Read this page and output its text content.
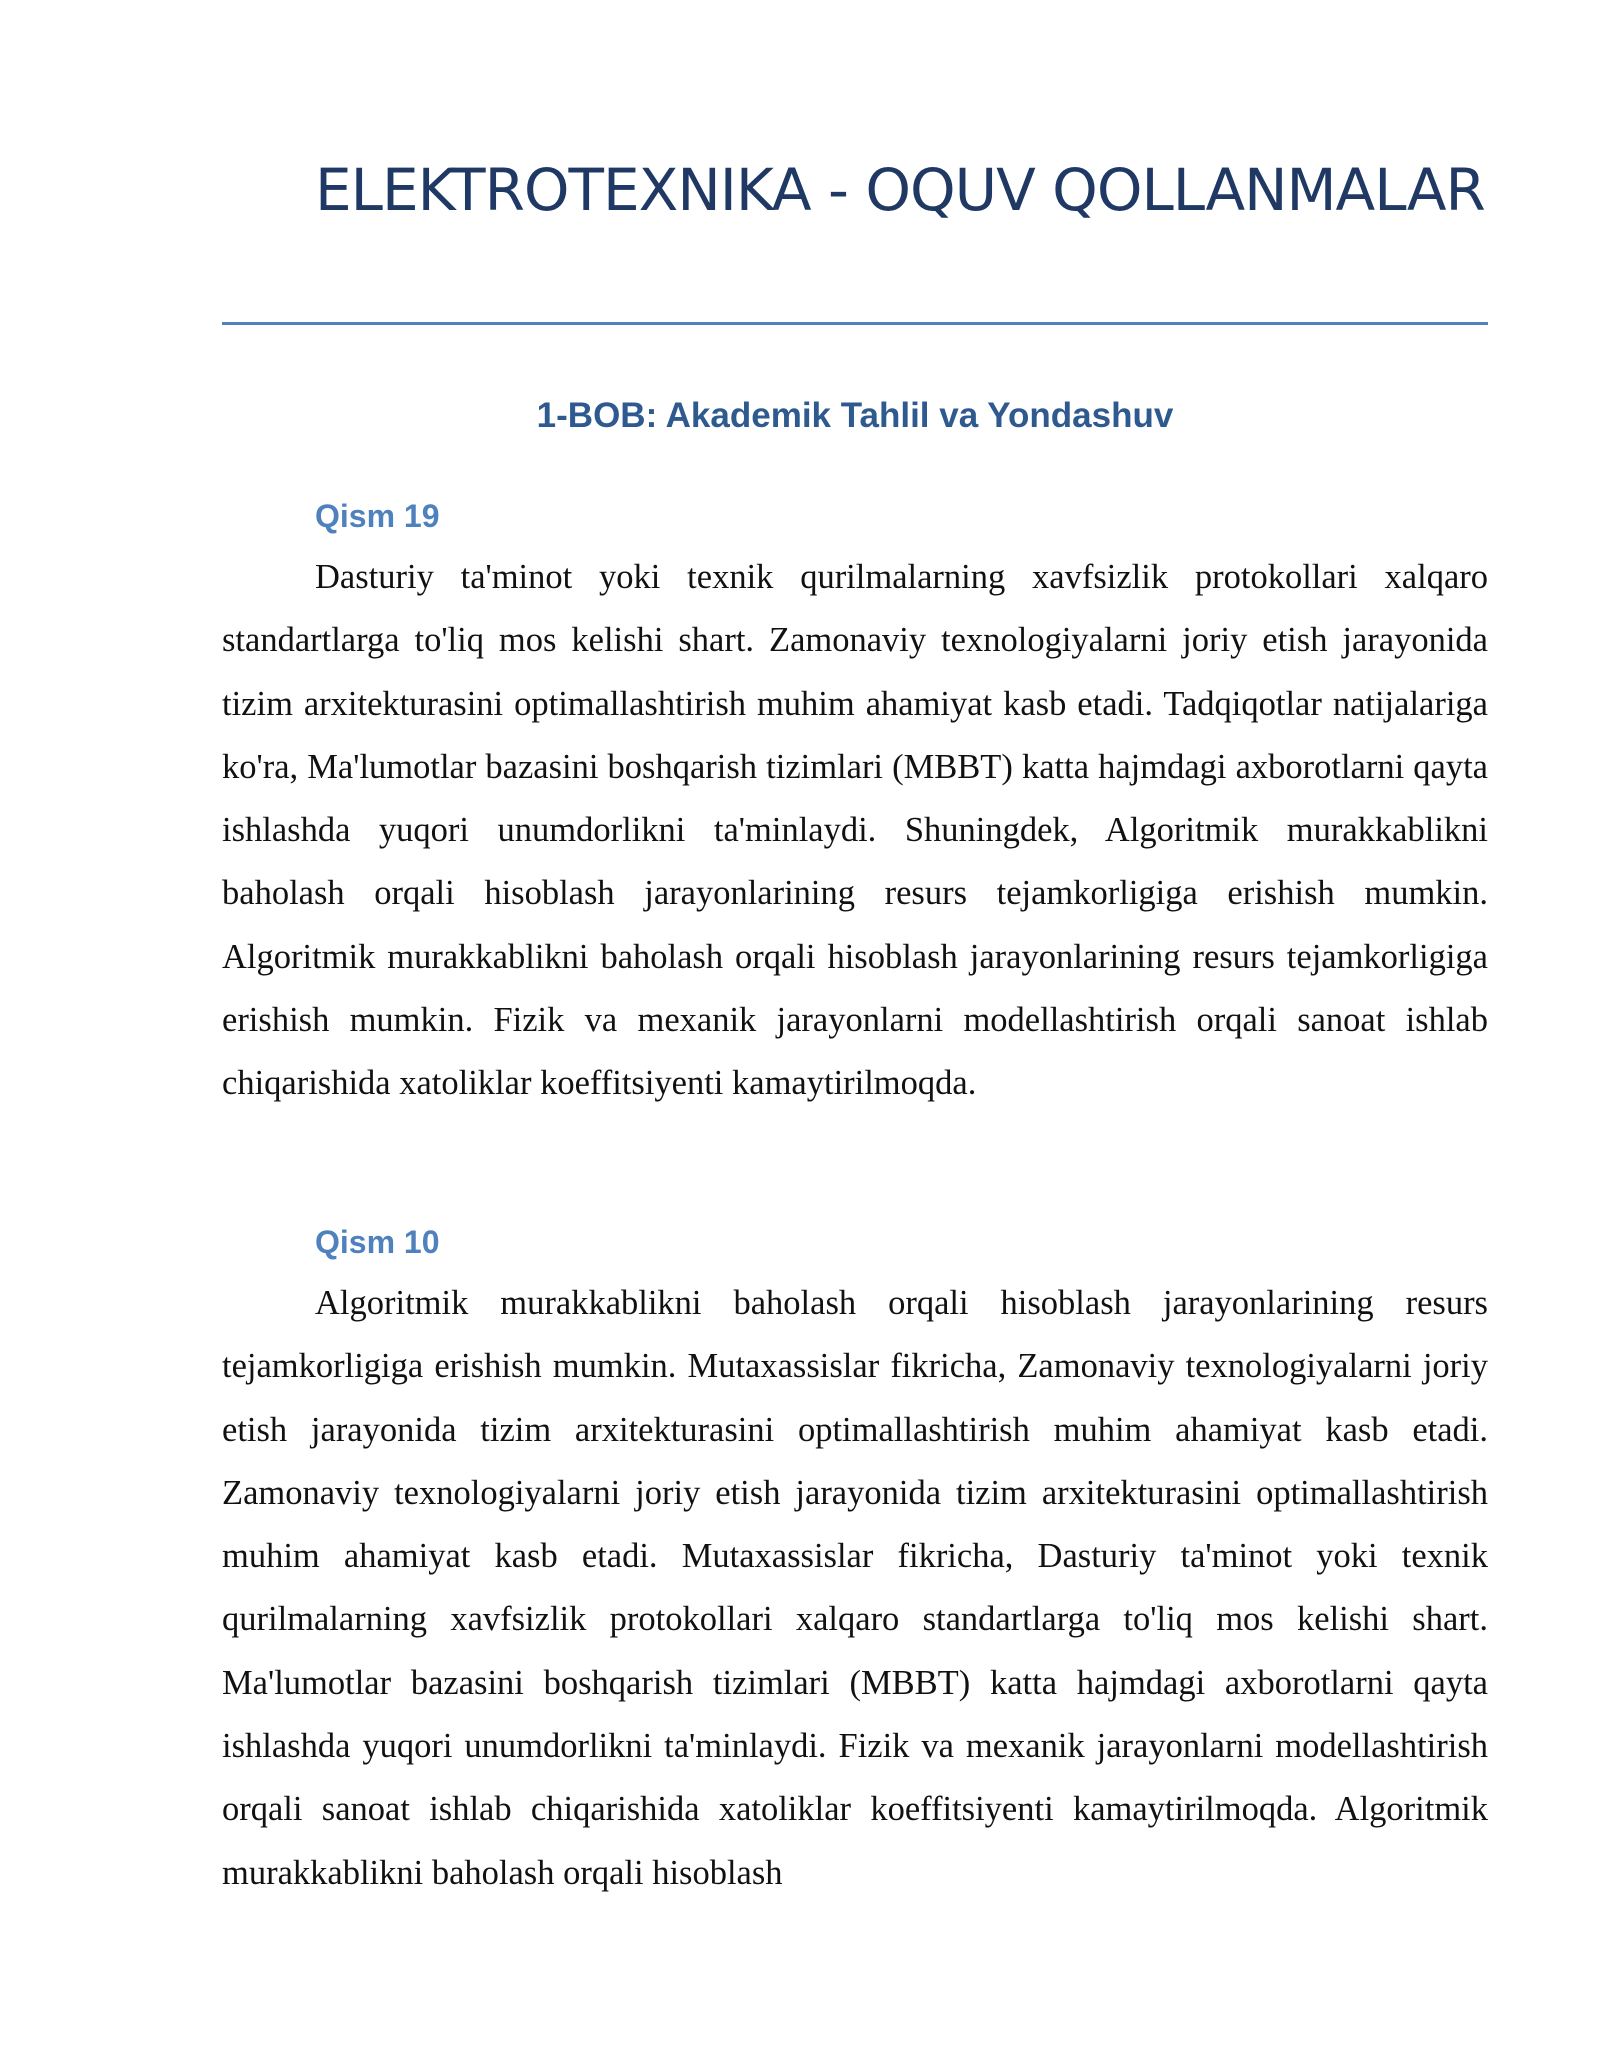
ELEKTROTEXNIKA - OQUV QOLLANMALAR
1-BOB: Akademik Tahlil va Yondashuv
Qism 19

Dasturiy ta'minot yoki texnik qurilmalarning xavfsizlik protokollari xalqaro standartlarga to'liq mos kelishi shart. Zamonaviy texnologiyalarni joriy etish jarayonida tizim arxitekturasini optimallashtirish muhim ahamiyat kasb etadi. Tadqiqotlar natijalariga ko'ra, Ma'lumotlar bazasini boshqarish tizimlari (MBBT) katta hajmdagi axborotlarni qayta ishlashda yuqori unumdorlikni ta'minlaydi. Shuningdek, Algoritmik murakkablikni baholash orqali hisoblash jarayonlarining resurs tejamkorligiga erishish mumkin. Algoritmik murakkablikni baholash orqali hisoblash jarayonlarining resurs tejamkorligiga erishish mumkin. Fizik va mexanik jarayonlarni modellashtirish orqali sanoat ishlab chiqarishida xatoliklar koeffitsiyenti kamaytirilmoqda.

Qism 10

Algoritmik murakkablikni baholash orqali hisoblash jarayonlarining resurs tejamkorligiga erishish mumkin. Mutaxassislar fikricha, Zamonaviy texnologiyalarni joriy etish jarayonida tizim arxitekturasini optimallashtirish muhim ahamiyat kasb etadi. Zamonaviy texnologiyalarni joriy etish jarayonida tizim arxitekturasini optimallashtirish muhim ahamiyat kasb etadi. Mutaxassislar fikricha, Dasturiy ta'minot yoki texnik qurilmalarning xavfsizlik protokollari xalqaro standartlarga to'liq mos kelishi shart. Ma'lumotlar bazasini boshqarish tizimlari (MBBT) katta hajmdagi axborotlarni qayta ishlashda yuqori unumdorlikni ta'minlaydi. Fizik va mexanik jarayonlarni modellashtirish orqali sanoat ishlab chiqarishida xatoliklar koeffitsiyenti kamaytirilmoqda. Algoritmik murakkablikni baholash orqali hisoblash
